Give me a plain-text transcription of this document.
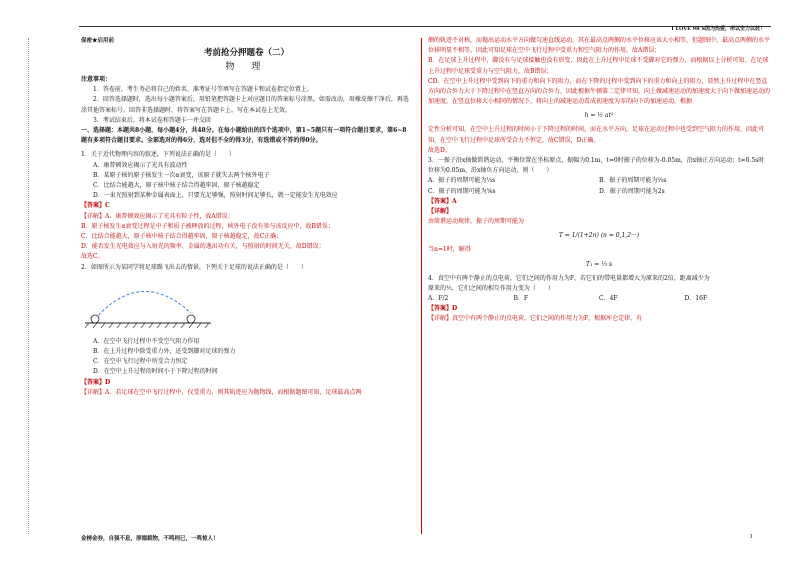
I LOVE 98 S因为热爱，所以全力以赴！
保密★启用前
考前抢分押题卷（二）
物 理
注意事项：
1．答卷前，考生务必将自己的姓名、准考证号等填写在答题卡和试卷指定位置上。
2．回答选择题时，选出每小题答案后，用铅笔把答题卡上对应题目的答案标号涂黑。如需改动，用橡皮擦干净后，再选涂其他答案标号。回答非选择题时，将答案写在答题卡上。写在本试卷上无效。
3．考试结束后，将本试卷和答题卡一并交回
一、选择题：本题共8小题，每小题4分，共48分。在每小题给出的四个选项中，第1~5题只有一项符合题目要求，第6~8题有多项符合题目要求。全部选对的得6分，选对但不全的得3分，有选错或不答的得0分。
1．关于近代物理内容的叙述，下列说法正确的是（　　）
A．康普顿效应揭示了光具有波动性
B．某原子核的原子核发生一次α衰变，该原子就失去两个核外电子
C．比结合能越大，原子核中核子结合得越牢固，原子核越稳定
D．一束光照射到某种金属表面上，只要光足够强，照射时间足够长，就一定能发生光电效应
【答案】C
【详解】A．康普顿效应揭示了光具有粒子性，故A错误；
B．原子核发生α衰变过程是中子和质子被释放的过程，核外电子没有参与该反应中，故B错误；
C．比结合能越大，原子核中核子结合得越牢固，原子核越稳定，故C正确；
D．能否发生光电效应与入射光的频率、金属的逸出功有关，与照射的时间无关，故D错误；
故选C。
2．如图所示为某同学将足球踢飞出去的情景，下列关于足球的说法正确的是（　　）
A．在空中飞行过程中不受空气阻力作用
B．在上升过程中除受重力外，还受到脚对足球的弹力
C．在空中飞行过程中所受合力恒定
D．在空中上升过程的时间小于下降过程的时间
【答案】D
【详解】A．若足球在空中飞行过程中，仅受重力，则其轨迹应为抛物线，而根据题图可知，足球最高点两
侧的轨迹不对称，而抛出运动水平方向做匀速直线运动，其在最高点两侧的水平位移应该大小相等，但题图中，最高点两侧的水平位移明显不相等，因此可知足球在空中飞行过程中受重力和空气阻力的作用，故A错误；
B．在足球上升过程中，脚没有与足球接触也没有形变，因此在上升过程中足球不受脚对它的弹力，而根据以上分析可知，在足球上升过程中足球受重力与空气阻力，故B错误；
CD．在空中上升过程中受到向下的重力和向下的阻力，而在下降的过程中受到向下的重力和向上的阻力，显然上升过程中在竖直方向的合外力大于下降过程中在竖直方向的合外力，因此根据牛顿第二定律可知，向上做减速运动的加速度大于向下做加速运动的加速度，在竖直位移大小相同的情况下，将向上的减速运动看成初速度为零的向下的加速运动，根据
h = ½ at²
定性分析可知，在空中上升过程的时间小于下降过程的时间，而在水平方向，足球在运动过程中也受到空气阻力的作用，因此可知，在空中飞行过程中足球所受合力不恒定，故C错误，D正确。
故选D。
3．一振子沿x轴做简谐运动，平衡位置在坐标原点，振幅为0.1m，t=0时振子的位移为-0.05m，沿x轴正方向运动；t=0.5s时位移为0.05m，沿x轴负方向运动，则（　　）
A．振子的周期可能为⅓s	B．振子的周期可能为⅔s
C．振子的周期可能为⅚s	D．振子的周期可能为2s
【答案】A
【详解】
由简谐运动规律，振子的周期可能为
T = 1/(1+2n) (n = 0,1,2···)
当n=1时，解得
T₁ = ⅓ s
4．真空中有两个静止的点电荷，它们之间的作用力为F，若它们的带电量都增大为原来的2倍，距离减少为
原来的½，它们之间的相互作用力变为（　　）
A．F/2	B．F	C．4F	D．16F
【答案】D
【详解】真空中有两个静止的点电荷，它们之间的作用力为F，根据库仑定律，有
金榜金券，自强不息，厚德载物，不鸣则已，一鸣惊人！	1
